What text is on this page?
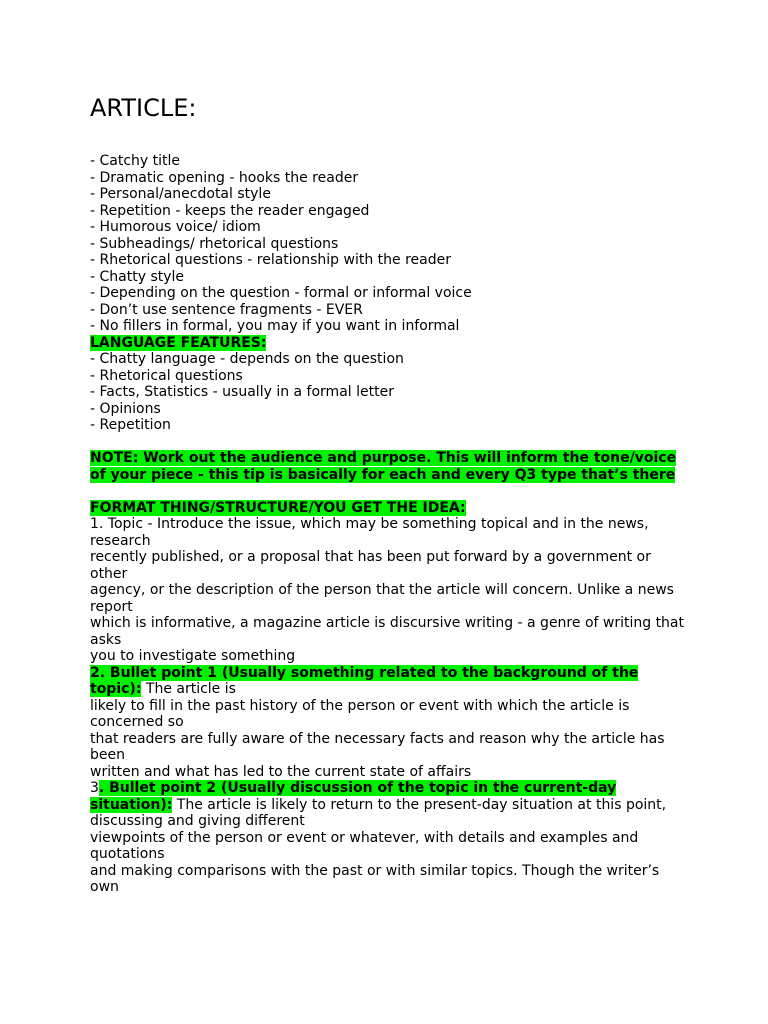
ARTICLE:
- Catchy title
- Dramatic opening - hooks the reader
- Personal/anecdotal style
- Repetition - keeps the reader engaged
- Humorous voice/ idiom
- Subheadings/ rhetorical questions
- Rhetorical questions - relationship with the reader
- Chatty style
- Depending on the question - formal or informal voice
- Don’t use sentence fragments - EVER
- No fillers in formal, you may if you want in informal
LANGUAGE FEATURES:
- Chatty language - depends on the question
- Rhetorical questions
- Facts, Statistics - usually in a formal letter
- Opinions
- Repetition
NOTE: Work out the audience and purpose. This will inform the tone/voice
of your piece - this tip is basically for each and every Q3 type that’s there
FORMAT THING/STRUCTURE/YOU GET THE IDEA:
1. Topic - Introduce the issue, which may be something topical and in the news,
research
recently published, or a proposal that has been put forward by a government or
other
agency, or the description of the person that the article will concern. Unlike a news
report
which is informative, a magazine article is discursive writing - a genre of writing that
asks
you to investigate something
2. Bullet point 1 (Usually something related to the background of the
topic): The article is
likely to fill in the past history of the person or event with which the article is
concerned so
that readers are fully aware of the necessary facts and reason why the article has
been
written and what has led to the current state of affairs
3. Bullet point 2 (Usually discussion of the topic in the current-day
situation): The article is likely to return to the present-day situation at this point,
discussing and giving different
viewpoints of the person or event or whatever, with details and examples and
quotations
and making comparisons with the past or with similar topics. Though the writer’s
own
